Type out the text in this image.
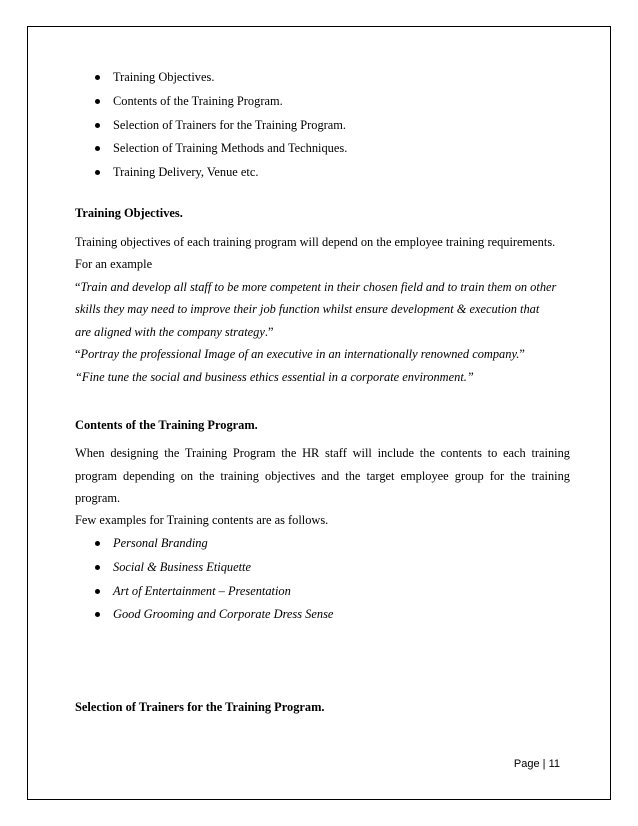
Training Objectives.
Contents of the Training Program.
Selection of Trainers for the Training Program.
Selection of Training Methods and Techniques.
Training Delivery, Venue etc.
Training Objectives.
Training objectives of each training program will depend on the employee training requirements.
For an example
“Train and develop all staff to be more competent in their chosen field and to train them on other
skills they may need to improve their job function whilst ensure development & execution that
are aligned with the company strategy.”
“Portray the professional Image of an executive in an internationally renowned company.”
“Fine tune the social and business ethics essential in a corporate environment.”
Contents of the Training Program.
When designing the Training Program the HR staff will include the contents to each training program depending on the training objectives and the target employee group for the training program.
Few examples for Training contents are as follows.
Personal Branding
Social & Business Etiquette
Art of Entertainment – Presentation
Good Grooming and Corporate Dress Sense
Selection of Trainers for the Training Program.
Page | 11
